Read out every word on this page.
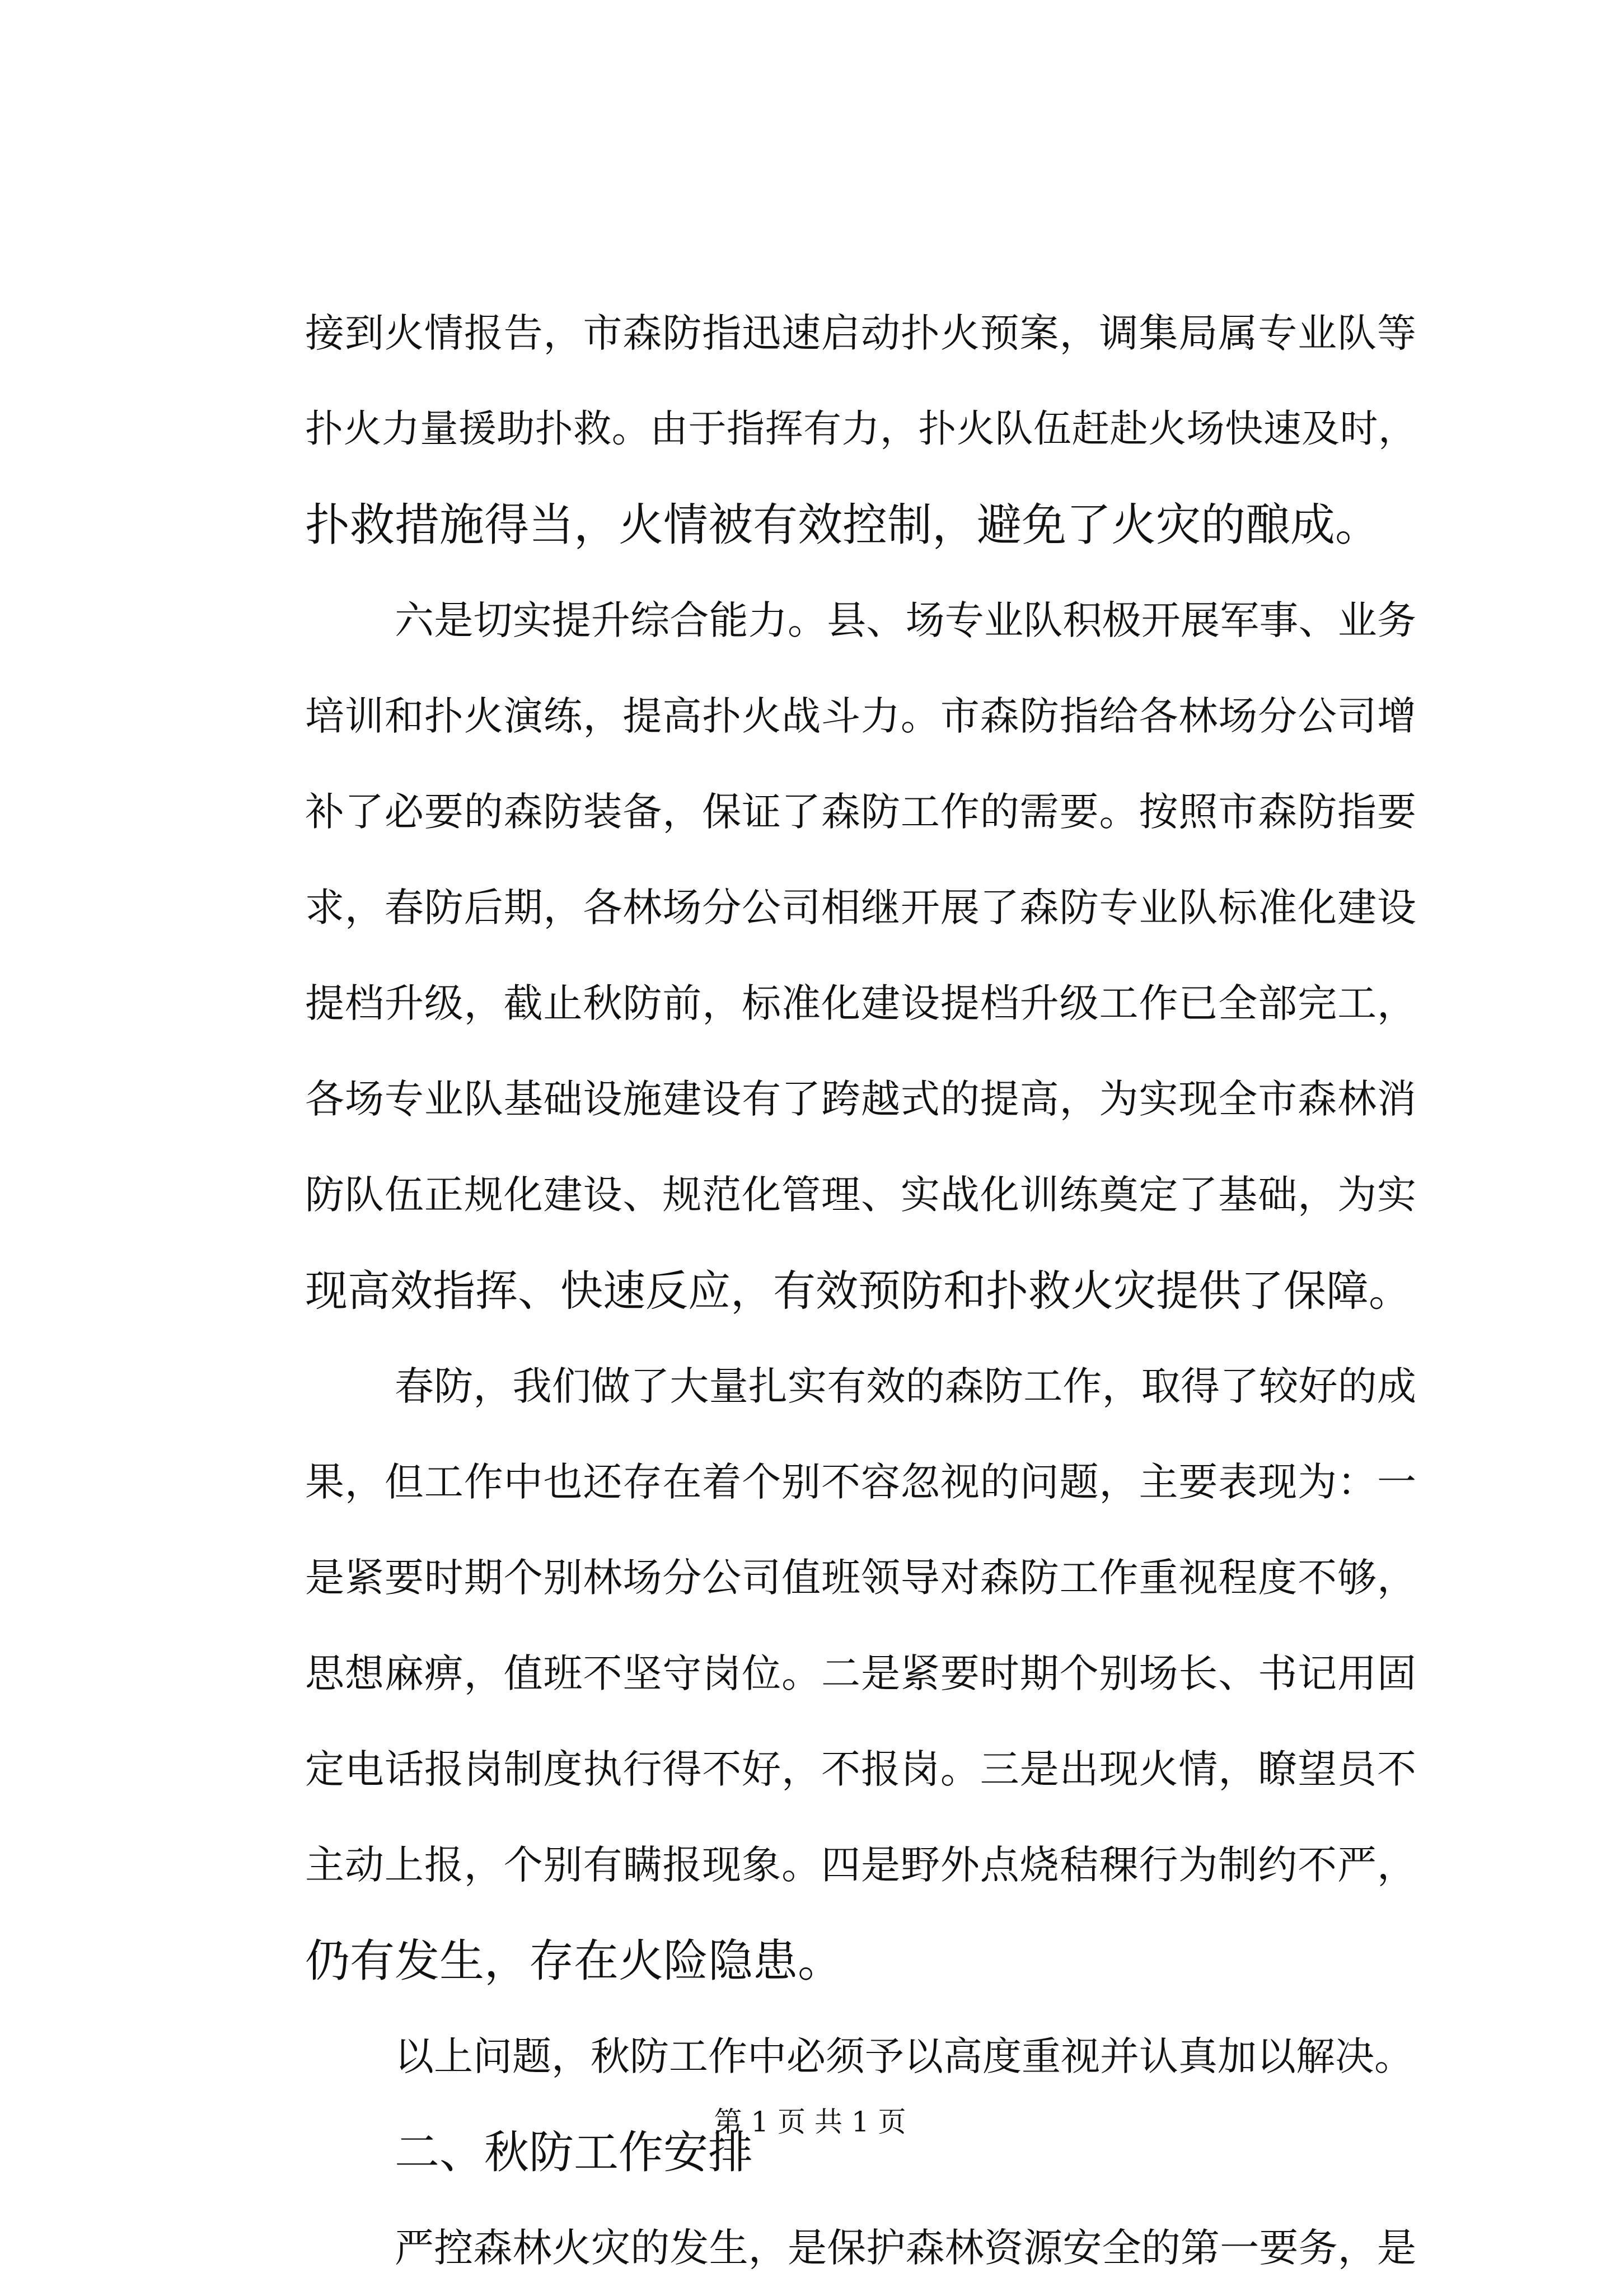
接到火情报告，市森防指迅速启动扑火预案，调集局属专业队等
扑火力量援助扑救。由于指挥有力，扑火队伍赶赴火场快速及时，
扑救措施得当，火情被有效控制，避免了火灾的酿成。
六是切实提升综合能力。县、场专业队积极开展军事、业务
培训和扑火演练，提高扑火战斗力。市森防指给各林场分公司增
补了必要的森防装备，保证了森防工作的需要。按照市森防指要
求，春防后期，各林场分公司相继开展了森防专业队标准化建设
提档升级，截止秋防前，标准化建设提档升级工作已全部完工，
各场专业队基础设施建设有了跨越式的提高，为实现全市森林消
防队伍正规化建设、规范化管理、实战化训练奠定了基础，为实
现高效指挥、快速反应，有效预防和扑救火灾提供了保障。
春防，我们做了大量扎实有效的森防工作，取得了较好的成
果，但工作中也还存在着个别不容忽视的问题，主要表现为：一
是紧要时期个别林场分公司值班领导对森防工作重视程度不够，
思想麻痹，值班不坚守岗位。二是紧要时期个别场长、书记用固
定电话报岗制度执行得不好，不报岗。三是出现火情，瞭望员不
主动上报，个别有瞒报现象。四是野外点烧秸稞行为制约不严，
仍有发生，存在火险隐患。
以上问题，秋防工作中必须予以高度重视并认真加以解决。
二、秋防工作安排
严控森林火灾的发生，是保护森林资源安全的第一要务，是
第 1 页 共 1 页
